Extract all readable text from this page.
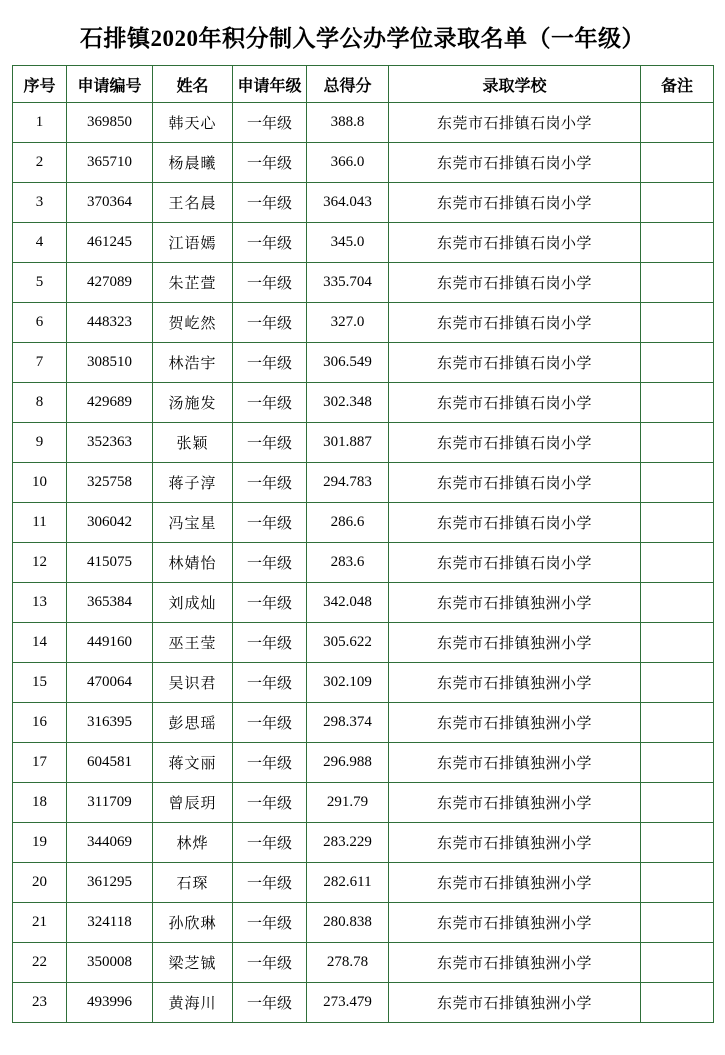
石排镇2020年积分制入学公办学位录取名单（一年级）
序号	申请编号	姓名	申请年级	总得分	录取学校	备注
1	369850	韩天心	一年级	388.8	东莞市石排镇石岗小学	
2	365710	杨晨曦	一年级	366.0	东莞市石排镇石岗小学	
3	370364	王名晨	一年级	364.043	东莞市石排镇石岗小学	
4	461245	江语嫣	一年级	345.0	东莞市石排镇石岗小学	
5	427089	朱芷萱	一年级	335.704	东莞市石排镇石岗小学	
6	448323	贺屹然	一年级	327.0	东莞市石排镇石岗小学	
7	308510	林浩宇	一年级	306.549	东莞市石排镇石岗小学	
8	429689	汤施发	一年级	302.348	东莞市石排镇石岗小学	
9	352363	张颖	一年级	301.887	东莞市石排镇石岗小学	
10	325758	蒋子淳	一年级	294.783	东莞市石排镇石岗小学	
11	306042	冯宝星	一年级	286.6	东莞市石排镇石岗小学	
12	415075	林婧怡	一年级	283.6	东莞市石排镇石岗小学	
13	365384	刘成灿	一年级	342.048	东莞市石排镇独洲小学	
14	449160	巫王莹	一年级	305.622	东莞市石排镇独洲小学	
15	470064	吴识君	一年级	302.109	东莞市石排镇独洲小学	
16	316395	彭思瑶	一年级	298.374	东莞市石排镇独洲小学	
17	604581	蒋文丽	一年级	296.988	东莞市石排镇独洲小学	
18	311709	曾辰玥	一年级	291.79	东莞市石排镇独洲小学	
19	344069	林烨	一年级	283.229	东莞市石排镇独洲小学	
20	361295	石琛	一年级	282.611	东莞市石排镇独洲小学	
21	324118	孙欣琳	一年级	280.838	东莞市石排镇独洲小学	
22	350008	梁芝铖	一年级	278.78	东莞市石排镇独洲小学	
23	493996	黄海川	一年级	273.479	东莞市石排镇独洲小学	
